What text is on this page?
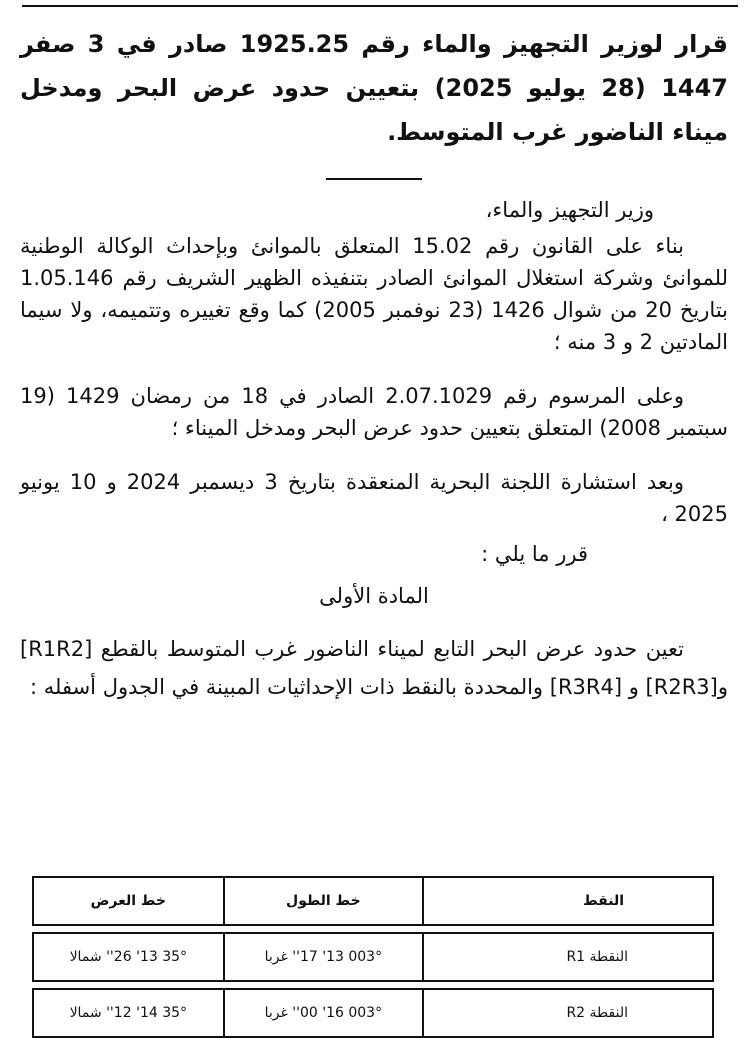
قرار لوزير التجهيز والماء رقم 1925.25 صادر في 3 صفر 1447 (28 يوليو 2025) بتعيين حدود عرض البحر ومدخل ميناء الناضور غرب المتوسط.

وزير التجهيز والماء،

بناء على القانون رقم 15.02 المتعلق بالموانئ وبإحداث الوكالة الوطنية للموانئ وشركة استغلال الموانئ الصادر بتنفيذه الظهير الشريف رقم 1.05.146 بتاريخ 20 من شوال 1426 (23 نوفمبر 2005) كما وقع تغييره وتتميمه، ولا سيما المادتين 2 و 3 منه ؛

وعلى المرسوم رقم 2.07.1029 الصادر في 18 من رمضان 1429 (19 سبتمبر 2008) المتعلق بتعيين حدود عرض البحر ومدخل الميناء ؛

وبعد استشارة اللجنة البحرية المنعقدة بتاريخ 3 ديسمبر 2024 و 10 يونيو 2025 ،

قرر ما يلي :

المادة الأولى

تعين حدود عرض البحر التابع لميناء الناضور غرب المتوسط بالقطع [R1R2] و[R2R3] و [R3R4] والمحددة بالنقط ذات الإحداثيات المبينة في الجدول أسفله :

النقط	خط الطول	خط العرض

النقطة R1	003° 13' 17'' غربا	35° 13' 26'' شمالا

النقطة R2	003° 16' 00'' غربا	35° 14' 12'' شمالا
